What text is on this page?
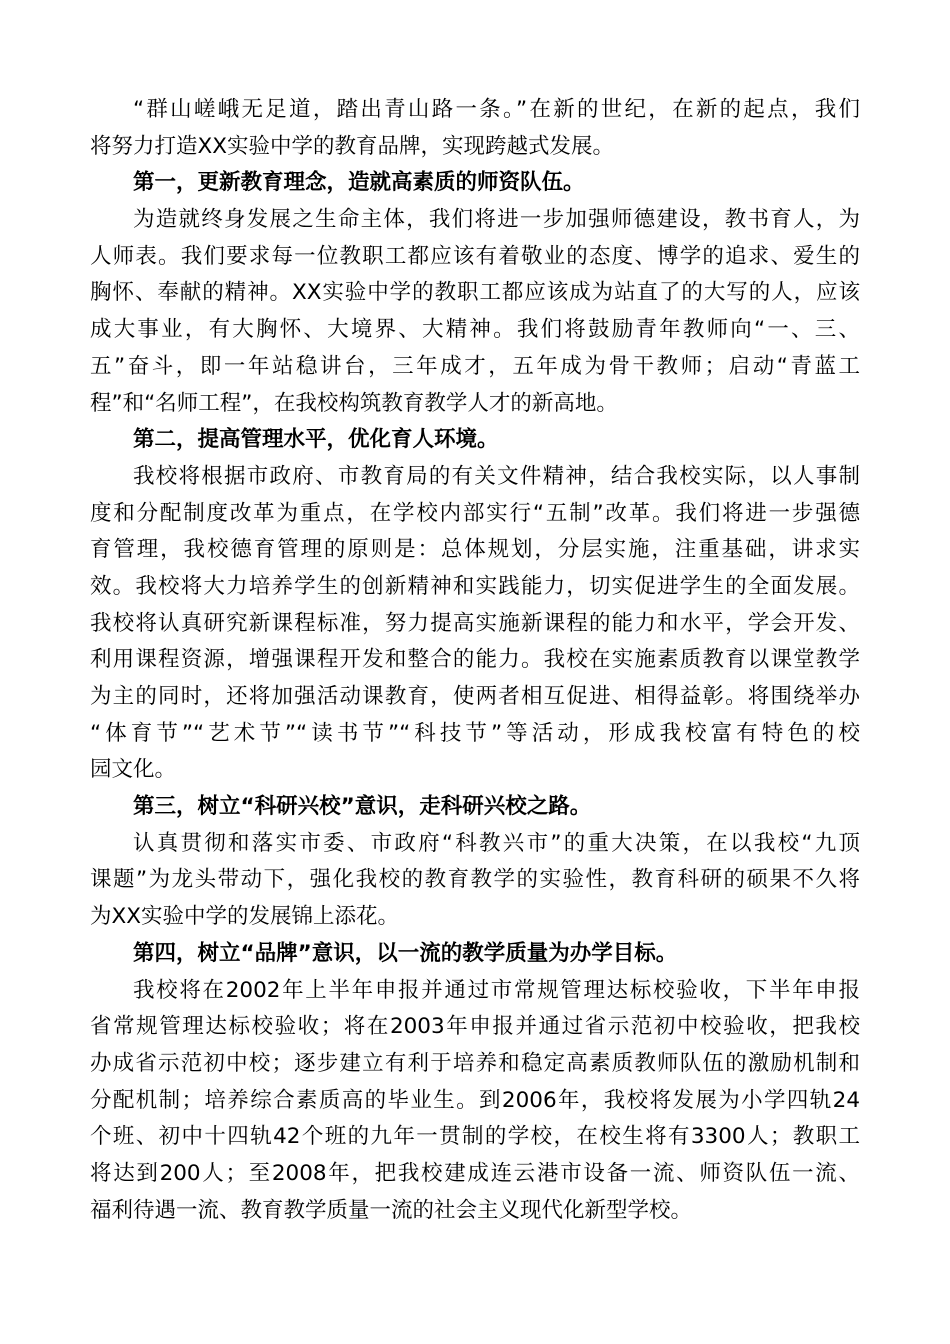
“群山嵯峨无足道，踏出青山路一条。”在新的世纪，在新的起点，我们
将努力打造XX实验中学的教育品牌，实现跨越式发展。
第一，更新教育理念，造就高素质的师资队伍。
为造就终身发展之生命主体，我们将进一步加强师德建设，教书育人，为
人师表。我们要求每一位教职工都应该有着敬业的态度、博学的追求、爱生的
胸怀、奉献的精神。XX实验中学的教职工都应该成为站直了的大写的人，应该
成大事业，有大胸怀、大境界、大精神。我们将鼓励青年教师向“一、三、
五”奋斗，即一年站稳讲台，三年成才，五年成为骨干教师；启动“青蓝工
程”和“名师工程”，在我校构筑教育教学人才的新高地。
第二，提高管理水平，优化育人环境。
我校将根据市政府、市教育局的有关文件精神，结合我校实际，以人事制
度和分配制度改革为重点，在学校内部实行“五制”改革。我们将进一步强德
育管理，我校德育管理的原则是：总体规划，分层实施，注重基础，讲求实
效。我校将大力培养学生的创新精神和实践能力，切实促进学生的全面发展。
我校将认真研究新课程标准，努力提高实施新课程的能力和水平，学会开发、
利用课程资源，增强课程开发和整合的能力。我校在实施素质教育以课堂教学
为主的同时，还将加强活动课教育，使两者相互促进、相得益彰。将围绕举办
“体育节”“艺术节”“读书节”“科技节”等活动，形成我校富有特色的校
园文化。
第三，树立“科研兴校”意识，走科研兴校之路。
认真贯彻和落实市委、市政府“科教兴市”的重大决策，在以我校“九顶
课题”为龙头带动下，强化我校的教育教学的实验性，教育科研的硕果不久将
为XX实验中学的发展锦上添花。
第四，树立“品牌”意识，以一流的教学质量为办学目标。
我校将在2002年上半年申报并通过市常规管理达标校验收，下半年申报
省常规管理达标校验收；将在2003年申报并通过省示范初中校验收，把我校
办成省示范初中校；逐步建立有利于培养和稳定高素质教师队伍的激励机制和
分配机制；培养综合素质高的毕业生。到2006年，我校将发展为小学四轨24
个班、初中十四轨42个班的九年一贯制的学校，在校生将有3300人；教职工
将达到200人；至2008年，把我校建成连云港市设备一流、师资队伍一流、
福利待遇一流、教育教学质量一流的社会主义现代化新型学校。
